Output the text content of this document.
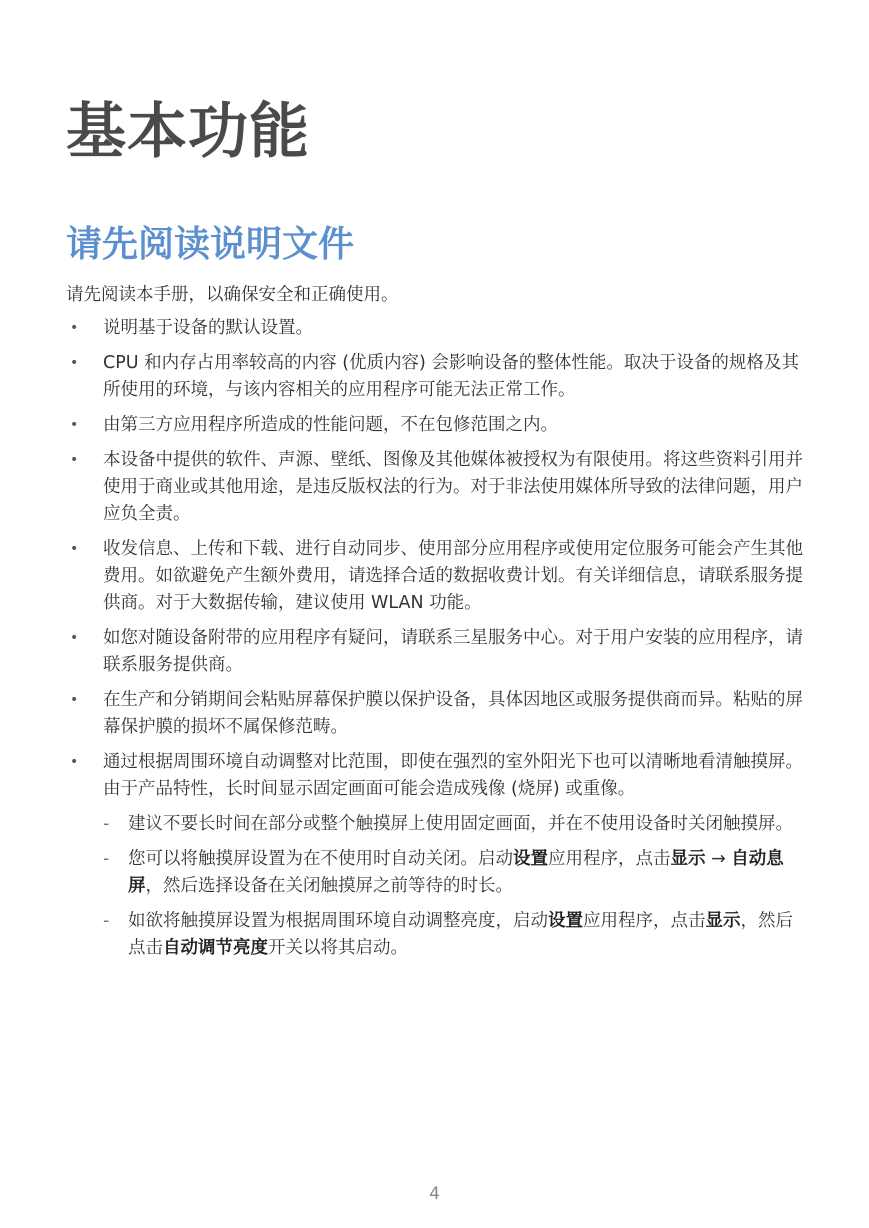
基本功能
请先阅读说明文件

请先阅读本手册，以确保安全和正确使用。

• 说明基于设备的默认设置。
• CPU 和内存占用率较高的内容 (优质内容) 会影响设备的整体性能。取决于设备的规格及其所使用的环境，与该内容相关的应用程序可能无法正常工作。
• 由第三方应用程序所造成的性能问题，不在包修范围之内。
• 本设备中提供的软件、声源、壁纸、图像及其他媒体被授权为有限使用。将这些资料引用并使用于商业或其他用途，是违反版权法的行为。对于非法使用媒体所导致的法律问题，用户应负全责。
• 收发信息、上传和下载、进行自动同步、使用部分应用程序或使用定位服务可能会产生其他费用。如欲避免产生额外费用，请选择合适的数据收费计划。有关详细信息，请联系服务提供商。对于大数据传输，建议使用 WLAN 功能。
• 如您对随设备附带的应用程序有疑问，请联系三星服务中心。对于用户安装的应用程序，请联系服务提供商。
• 在生产和分销期间会粘贴屏幕保护膜以保护设备，具体因地区或服务提供商而异。粘贴的屏幕保护膜的损坏不属保修范畴。
• 通过根据周围环境自动调整对比范围，即使在强烈的室外阳光下也可以清晰地看清触摸屏。由于产品特性，长时间显示固定画面可能会造成残像 (烧屏) 或重像。
- 建议不要长时间在部分或整个触摸屏上使用固定画面，并在不使用设备时关闭触摸屏。
- 您可以将触摸屏设置为在不使用时自动关闭。启动设置应用程序，点击显示 → 自动息屏，然后选择设备在关闭触摸屏之前等待的时长。
- 如欲将触摸屏设置为根据周围环境自动调整亮度，启动设置应用程序，点击显示，然后点击自动调节亮度开关以将其启动。
4
